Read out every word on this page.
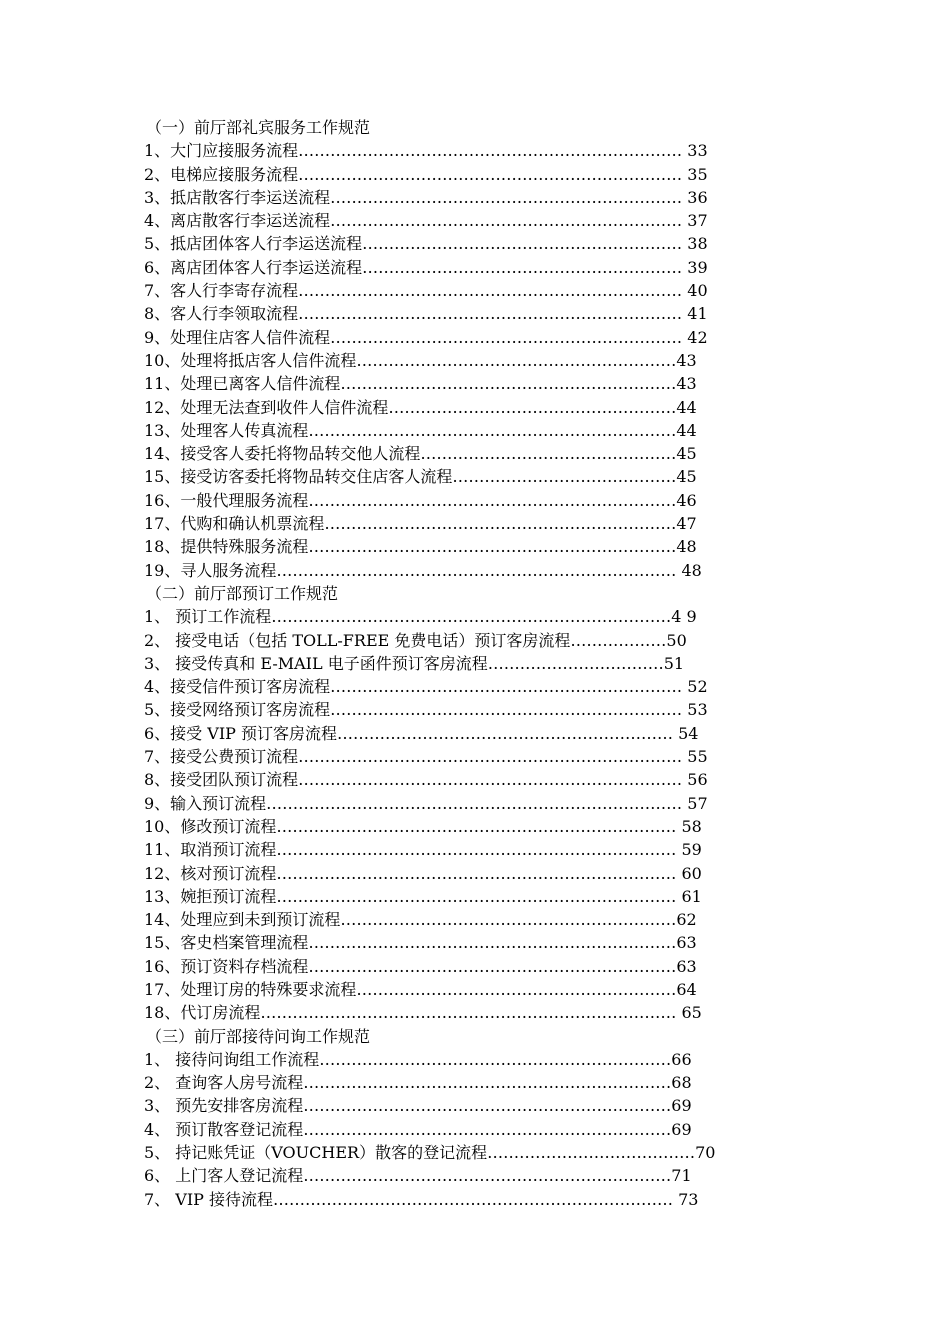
（一）前厅部礼宾服务工作规范
1、大门应接服务流程……………………………………………………………… 33
2、电梯应接服务流程……………………………………………………………… 35
3、抵店散客行李运送流程………………………………………………………… 36
4、离店散客行李运送流程………………………………………………………… 37
5、抵店团体客人行李运送流程…………………………………………………… 38
6、离店团体客人行李运送流程…………………………………………………… 39
7、客人行李寄存流程……………………………………………………………… 40
8、客人行李领取流程……………………………………………………………… 41
9、处理住店客人信件流程………………………………………………………… 42
10、处理将抵店客人信件流程……………………………………………………43
11、处理已离客人信件流程………………………………………………………43
12、处理无法查到收件人信件流程………………………………………………44
13、处理客人传真流程……………………………………………………………44
14、接受客人委托将物品转交他人流程…………………………………………45
15、接受访客委托将物品转交住店客人流程……………………………………45
16、一般代理服务流程……………………………………………………………46
17、代购和确认机票流程…………………………………………………………47
18、提供特殊服务流程……………………………………………………………48
19、寻人服务流程………………………………………………………………… 48
（二）前厅部预订工作规范
1、 预订工作流程…………………………………………………………………4 9
2、 接受电话（包括 TOLL-FREE 免费电话）预订客房流程………………50
3、 接受传真和 E-MAIL 电子函件预订客房流程……………………………51
4、接受信件预订客房流程………………………………………………………… 52
5、接受网络预订客房流程………………………………………………………… 53
6、接受 VIP 预订客房流程……………………………………………………… 54
7、接受公费预订流程……………………………………………………………… 55
8、接受团队预订流程……………………………………………………………… 56
9、输入预订流程…………………………………………………………………… 57
10、修改预订流程………………………………………………………………… 58
11、取消预订流程………………………………………………………………… 59
12、核对预订流程………………………………………………………………… 60
13、婉拒预订流程………………………………………………………………… 61
14、处理应到未到预订流程………………………………………………………62
15、客史档案管理流程……………………………………………………………63
16、预订资料存档流程……………………………………………………………63
17、处理订房的特殊要求流程……………………………………………………64
18、代订房流程…………………………………………………………………… 65
（三）前厅部接待问询工作规范
1、 接待问询组工作流程…………………………………………………………66
2、 查询客人房号流程……………………………………………………………68
3、 预先安排客房流程……………………………………………………………69
4、 预订散客登记流程……………………………………………………………69
5、 持记账凭证（VOUCHER）散客的登记流程…………………………………70
6、 上门客人登记流程……………………………………………………………71
7、 VIP 接待流程………………………………………………………………… 73
